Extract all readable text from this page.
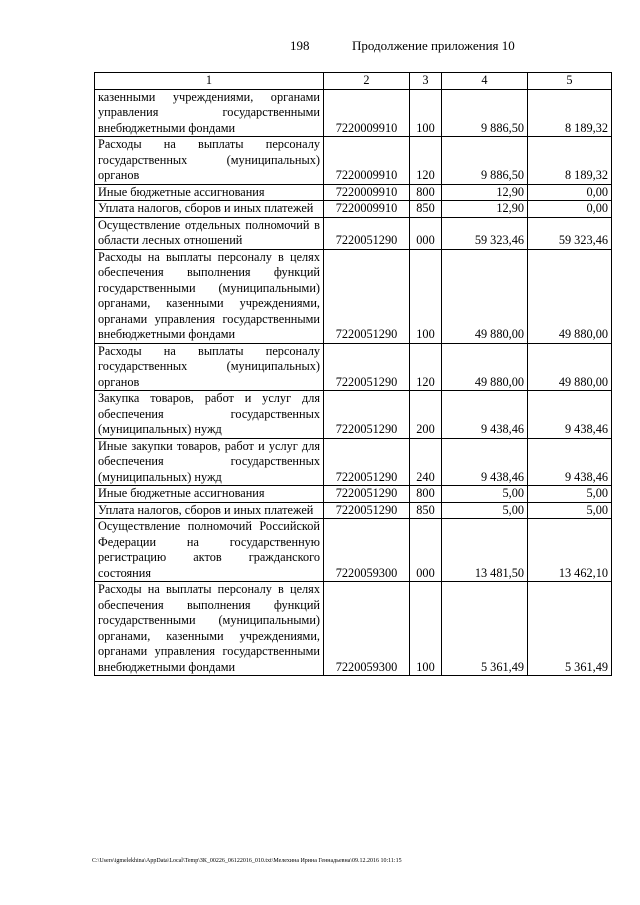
198	Продолжение приложения 10
1	2	3	4	5
казенными учреждениями, органами управления государственными внебюджетными фондами	7220009910	100	9 886,50	8 189,32
Расходы на выплаты персоналу государственных (муниципальных) органов	7220009910	120	9 886,50	8 189,32
Иные бюджетные ассигнования	7220009910	800	12,90	0,00
Уплата налогов, сборов и иных платежей	7220009910	850	12,90	0,00
Осуществление отдельных полномочий в области лесных отношений	7220051290	000	59 323,46	59 323,46
Расходы на выплаты персоналу в целях обеспечения выполнения функций государственными (муниципальными) органами, казенными учреждениями, органами управления государственными внебюджетными фондами	7220051290	100	49 880,00	49 880,00
Расходы на выплаты персоналу государственных (муниципальных) органов	7220051290	120	49 880,00	49 880,00
Закупка товаров, работ и услуг для обеспечения государственных (муниципальных) нужд	7220051290	200	9 438,46	9 438,46
Иные закупки товаров, работ и услуг для обеспечения государственных (муниципальных) нужд	7220051290	240	9 438,46	9 438,46
Иные бюджетные ассигнования	7220051290	800	5,00	5,00
Уплата налогов, сборов и иных платежей	7220051290	850	5,00	5,00
Осуществление полномочий Российской Федерации на государственную регистрацию актов гражданского состояния	7220059300	000	13 481,50	13 462,10
Расходы на выплаты персоналу в целях обеспечения выполнения функций государственными (муниципальными) органами, казенными учреждениями, органами управления государственными внебюджетными фондами	7220059300	100	5 361,49	5 361,49
C:\Users\igmelekhina\AppData\Local\Temp\ЗК_00226_06122016_010.txt\Мелехина Ирина Геннадьевна\09.12.2016 10:11:15
